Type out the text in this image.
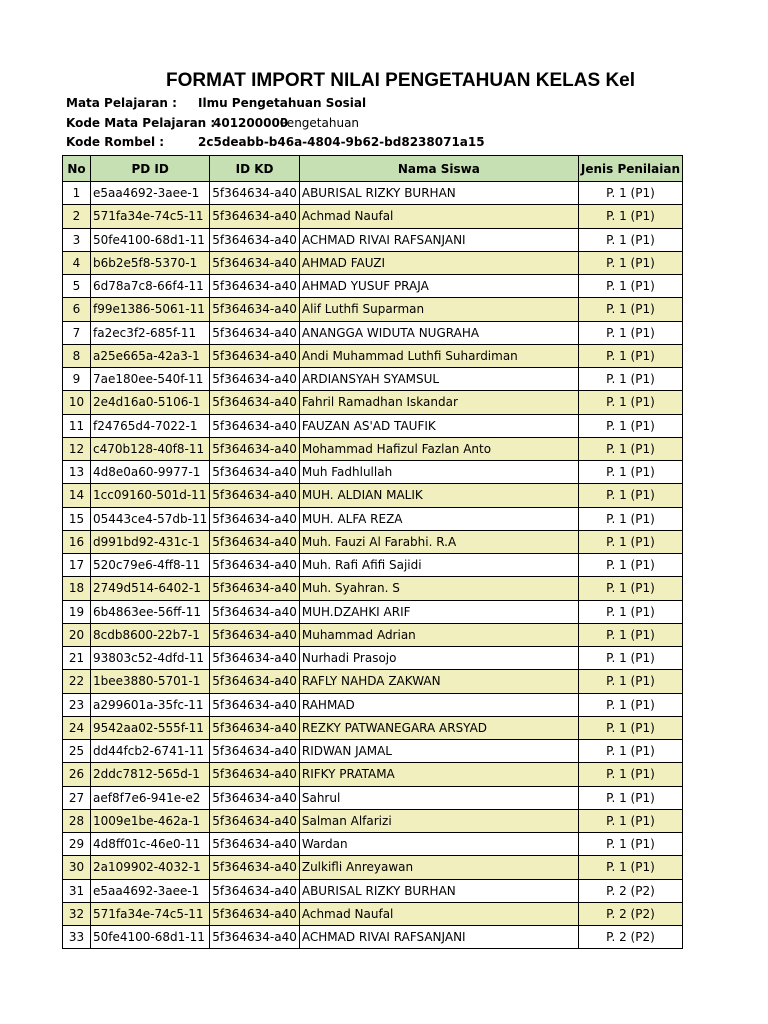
FORMAT IMPORT NILAI PENGETAHUAN KELAS Kel
Mata Pelajaran : Ilmu Pengetahuan Sosial
Kode Mata Pelajaran :
401200000
Pengetahuan
Kode Rombel :	2c5deabb-b46a-4804-9b62-bd8238071a15
No	PD ID	ID KD	Nama Siswa	Jenis Penilaian
1	e5aa4692-3aee-1	5f364634-a40	ABURISAL RIZKY BURHAN	P. 1 (P1)
2	571fa34e-74c5-11	5f364634-a40	Achmad Naufal	P. 1 (P1)
3	50fe4100-68d1-11	5f364634-a40	ACHMAD RIVAI RAFSANJANI	P. 1 (P1)
4	b6b2e5f8-5370-1	5f364634-a40	AHMAD FAUZI	P. 1 (P1)
5	6d78a7c8-66f4-11	5f364634-a40	AHMAD YUSUF PRAJA	P. 1 (P1)
6	f99e1386-5061-11	5f364634-a40	Alif Luthfi Suparman	P. 1 (P1)
7	fa2ec3f2-685f-11	5f364634-a40	ANANGGA WIDUTA NUGRAHA	P. 1 (P1)
8	a25e665a-42a3-1	5f364634-a40	Andi Muhammad Luthfi Suhardiman	P. 1 (P1)
9	7ae180ee-540f-11	5f364634-a40	ARDIANSYAH SYAMSUL	P. 1 (P1)
10	2e4d16a0-5106-1	5f364634-a40	Fahril Ramadhan Iskandar	P. 1 (P1)
11	f24765d4-7022-1	5f364634-a40	FAUZAN AS'AD TAUFIK	P. 1 (P1)
12	c470b128-40f8-11	5f364634-a40	Mohammad Hafizul Fazlan Anto	P. 1 (P1)
13	4d8e0a60-9977-1	5f364634-a40	Muh Fadhlullah	P. 1 (P1)
14	1cc09160-501d-11	5f364634-a40	MUH. ALDIAN MALIK	P. 1 (P1)
15	05443ce4-57db-11	5f364634-a40	MUH. ALFA REZA	P. 1 (P1)
16	d991bd92-431c-1	5f364634-a40	Muh. Fauzi Al Farabhi. R.A	P. 1 (P1)
17	520c79e6-4ff8-11	5f364634-a40	Muh. Rafi Afifi Sajidi	P. 1 (P1)
18	2749d514-6402-1	5f364634-a40	Muh. Syahran. S	P. 1 (P1)
19	6b4863ee-56ff-11	5f364634-a40	MUH.DZAHKI ARIF	P. 1 (P1)
20	8cdb8600-22b7-1	5f364634-a40	Muhammad Adrian	P. 1 (P1)
21	93803c52-4dfd-11	5f364634-a40	Nurhadi Prasojo	P. 1 (P1)
22	1bee3880-5701-1	5f364634-a40	RAFLY NAHDA ZAKWAN	P. 1 (P1)
23	a299601a-35fc-11	5f364634-a40	RAHMAD	P. 1 (P1)
24	9542aa02-555f-11	5f364634-a40	REZKY PATWANEGARA ARSYAD	P. 1 (P1)
25	dd44fcb2-6741-11	5f364634-a40	RIDWAN JAMAL	P. 1 (P1)
26	2ddc7812-565d-1	5f364634-a40	RIFKY PRATAMA	P. 1 (P1)
27	aef8f7e6-941e-e2	5f364634-a40	Sahrul	P. 1 (P1)
28	1009e1be-462a-1	5f364634-a40	Salman Alfarizi	P. 1 (P1)
29	4d8ff01c-46e0-11	5f364634-a40	Wardan	P. 1 (P1)
30	2a109902-4032-1	5f364634-a40	Zulkifli Anreyawan	P. 1 (P1)
31	e5aa4692-3aee-1	5f364634-a40	ABURISAL RIZKY BURHAN	P. 2 (P2)
32	571fa34e-74c5-11	5f364634-a40	Achmad Naufal	P. 2 (P2)
33	50fe4100-68d1-11	5f364634-a40	ACHMAD RIVAI RAFSANJANI	P. 2 (P2)
